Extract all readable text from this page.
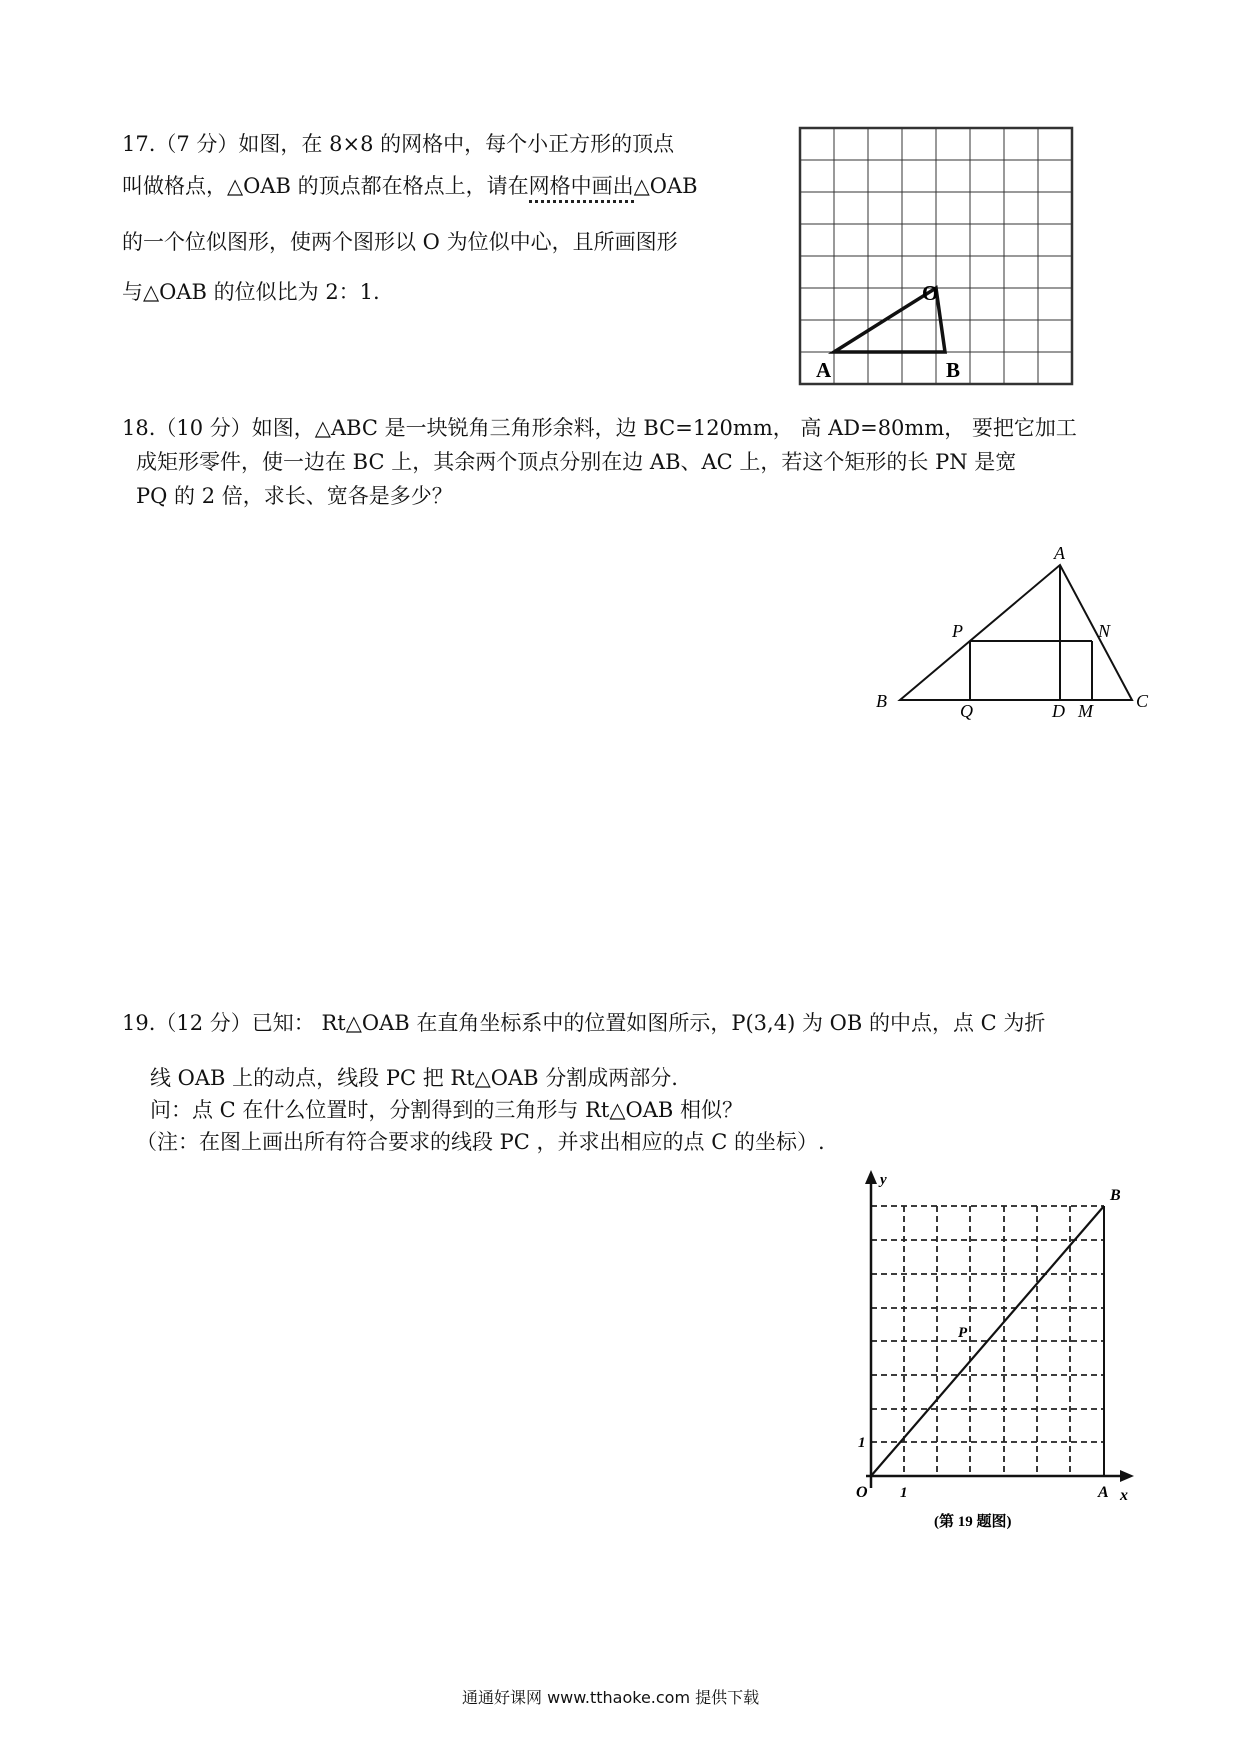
17.（7 分）如图，在 8×8 的网格中，每个小正方形的顶点
叫做格点，△OAB 的顶点都在格点上，请在网格中画出△OAB
的一个位似图形，使两个图形以 O 为位似中心，且所画图形
与△OAB 的位似比为 2：1.	O
A	B
18.（10 分）如图，△ABC 是一块锐角三角形余料，边 BC=120mm， 高 AD=80mm， 要把它加工
成矩形零件，使一边在 BC 上，其余两个顶点分别在边 AB、AC 上，若这个矩形的长 PN 是宽
PQ 的 2 倍，求长、宽各是多少？
A
P	N
B	Q	D M C
19.（12 分）已知： Rt△OAB 在直角坐标系中的位置如图所示，P(3,4) 为 OB 的中点，点 C 为折
线 OAB 上的动点，线段 PC 把 Rt△OAB 分割成两部分.
问：点 C 在什么位置时，分割得到的三角形与 Rt△OAB 相似？
（注：在图上画出所有符合要求的线段 PC ，并求出相应的点 C 的坐标）.
y
B
P
1
O 1	A x
(第 19 题图)
通通好课网 www.tthaoke.com 提供下载
